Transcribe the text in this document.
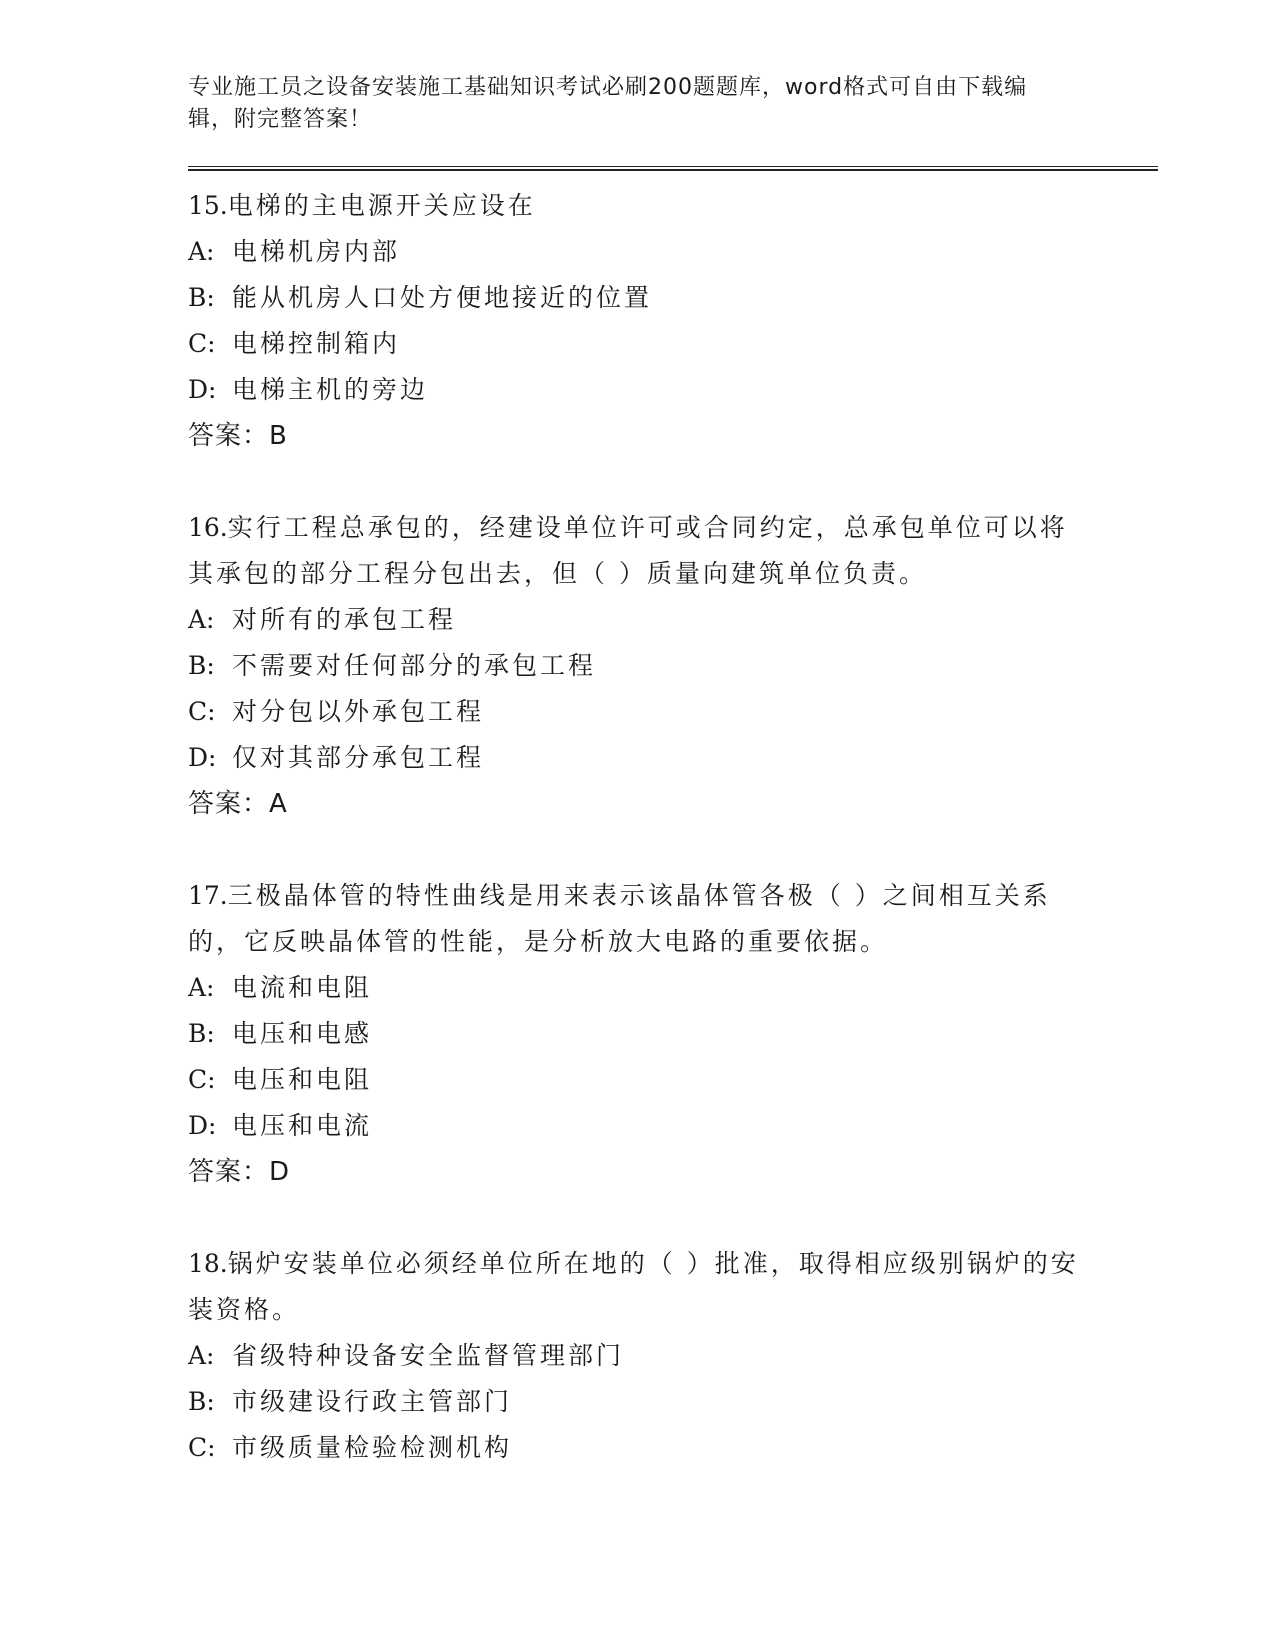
专业施工员之设备安装施工基础知识考试必刷200题题库，word格式可自由下载编辑，附完整答案！
15.电梯的主电源开关应设在
A: 电梯机房内部
B: 能从机房人口处方便地接近的位置
C: 电梯控制箱内
D: 电梯主机的旁边
答案：B
16.实行工程总承包的，经建设单位许可或合同约定，总承包单位可以将其承包的部分工程分包出去，但（ ）质量向建筑单位负责。
A: 对所有的承包工程
B: 不需要对任何部分的承包工程
C: 对分包以外承包工程
D: 仅对其部分承包工程
答案：A
17.三极晶体管的特性曲线是用来表示该晶体管各极（ ）之间相互关系的，它反映晶体管的性能，是分析放大电路的重要依据。
A: 电流和电阻
B: 电压和电感
C: 电压和电阻
D: 电压和电流
答案：D
18.锅炉安装单位必须经单位所在地的（ ）批准，取得相应级别锅炉的安装资格。
A: 省级特种设备安全监督管理部门
B: 市级建设行政主管部门
C: 市级质量检验检测机构
